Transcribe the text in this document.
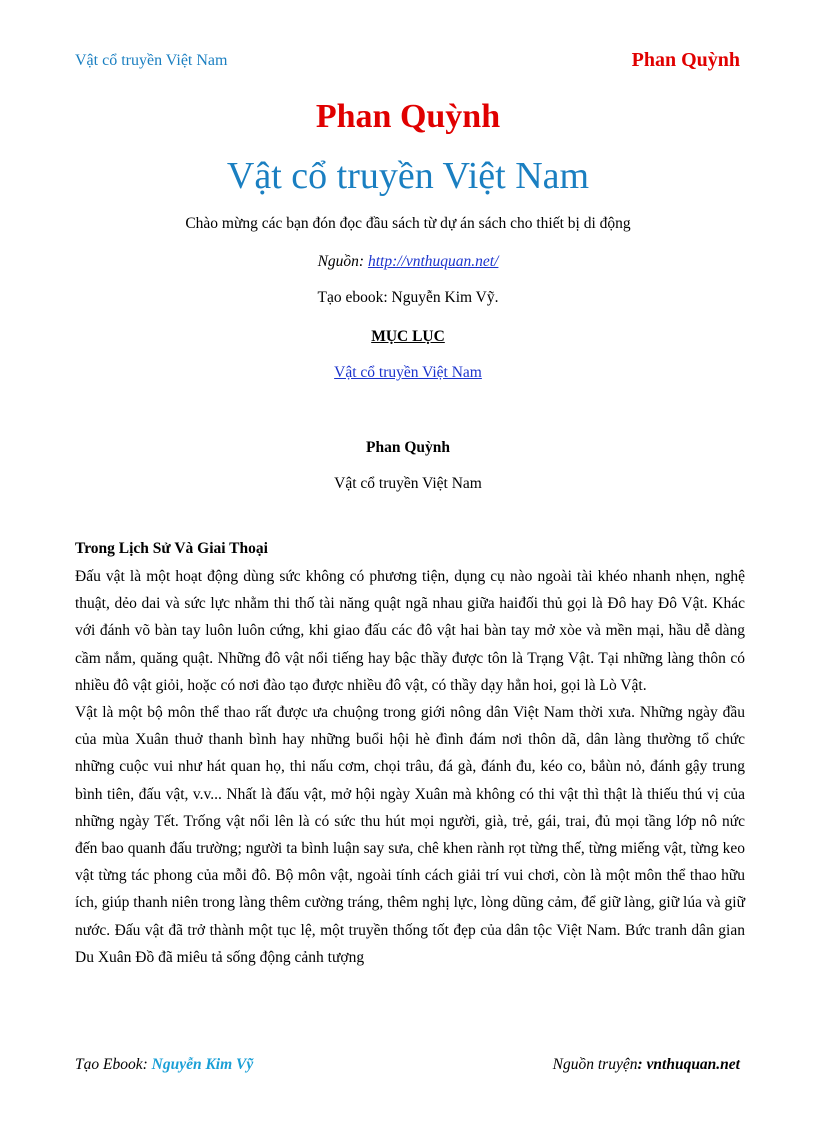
Vật cổ truyền Việt Nam	Phan Quỳnh
Phan Quỳnh
Vật cổ truyền Việt Nam
Chào mừng các bạn đón đọc đầu sách từ dự án sách cho thiết bị di động
Nguồn: http://vnthuquan.net/
Tạo ebook: Nguyễn Kim Vỹ.
MỤC LỤC
Vật cổ truyền Việt Nam
Phan Quỳnh
Vật cổ truyền Việt Nam
Trong Lịch Sử Và Giai Thoại

Đấu vật là một hoạt động dùng sức không có phương tiện, dụng cụ nào ngoài tài khéo nhanh nhẹn, nghệ thuật, dẻo dai và sức lực nhằm thi thố tài năng quật ngã nhau giữa haiđối thủ gọi là Đô hay Đô Vật. Khác với đánh võ bàn tay luôn luôn cứng, khi giao đấu các đô vật hai bàn tay mở xòe và mền mại, hầu dễ dàng cầm nắm, quăng quật. Những đô vật nổi tiếng hay bậc thầy được tôn là Trạng Vật. Tại những làng thôn có nhiều đô vật giỏi, hoặc có nơi đào tạo được nhiều đô vật, có thầy dạy hẳn hoi, gọi là Lò Vật.

Vật là một bộ môn thể thao rất được ưa chuộng trong giới nông dân Việt Nam thời xưa. Những ngày đầu của mùa Xuân thuở thanh bình hay những buổi hội hè đình đám nơi thôn dã, dân làng thường tổ chức những cuộc vui như hát quan họ, thi nấu cơm, chọi trâu, đá gà, đánh đu, kéo co, bắùn nỏ, đánh gậy trung bình tiên, đấu vật, v.v... Nhất là đấu vật, mở hội ngày Xuân mà không có thi vật thì thật là thiếu thú vị của những ngày Tết. Trống vật nổi lên là có sức thu hút mọi người, già, trẻ, gái, trai, đủ mọi tầng lớp nô nức đến bao quanh đấu trường; người ta bình luận say sưa, chê khen rành rọt từng thế, từng miếng vật, từng keo vật từng tác phong của mỗi đô. Bộ môn vật, ngoài tính cách giải trí vui chơi, còn là một môn thể thao hữu ích, giúp thanh niên trong làng thêm cường tráng, thêm nghị lực, lòng dũng cảm, để giữ làng, giữ lúa và giữ nước. Đấu vật đã trở thành một tục lệ, một truyền thống tốt đẹp của dân tộc Việt Nam. Bức tranh dân gian Du Xuân Đồ đã miêu tả sống động cảnh tượng

Tạo Ebook: Nguyễn Kim Vỹ	Nguồn truyện: vnthuquan.net
